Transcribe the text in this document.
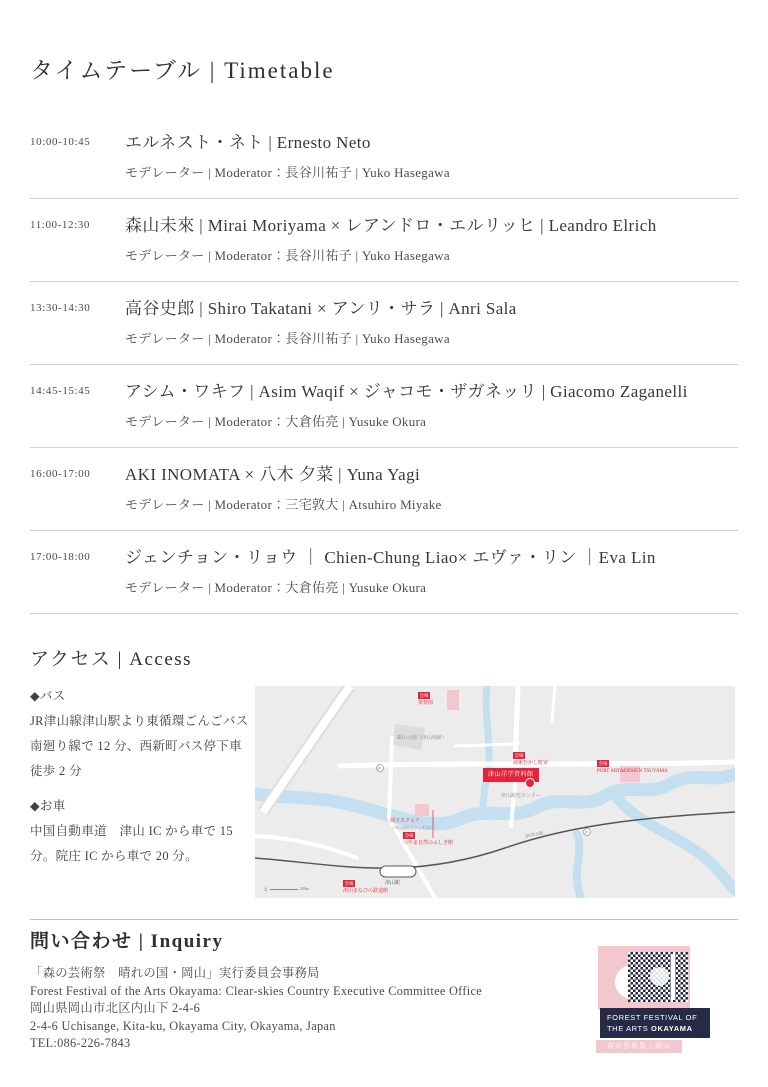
タイムテーブル | Timetable
10:00-10:45	エルネスト・ネト | Ernesto Neto
モデレーター | Moderator：長谷川祐子 | Yuko Hasegawa
11:00-12:30	森山未來 | Mirai Moriyama × レアンドロ・エルリッヒ | Leandro Elrich
モデレーター | Moderator：長谷川祐子 | Yuko Hasegawa
13:30-14:30	高谷史郎 | Shiro Takatani × アンリ・サラ | Anri Sala
モデレーター | Moderator：長谷川祐子 | Yuko Hasegawa
14:45-15:45	アシム・ワキフ | Asim Waqif × ジャコモ・ザガネッリ | Giacomo Zaganelli
モデレーター | Moderator：大倉佑亮 | Yusuke Okura
16:00-17:00	AKI INOMATA × 八木 夕菜 | Yuna Yagi
モデレーター | Moderator：三宅敦大 | Atsuhiro Miyake
17:00-18:00	ジェンチョン・リョウ ｜ Chien-Chung Liao× エヴァ・リン ｜Eva Lin
モデレーター | Moderator：大倉佑亮 | Yusuke Okura
アクセス | Access
◆バス
JR津山線津山駅より東循環ごんごバス南廻り線で 12 分、西新町バス停下車徒歩 2 分
◆お車
中国自動車道　津山 IC から車で 15 分。院庄 IC から車で 20 分。
P
P
会場
衆楽園
会場
城東むかし町家	会場
PORT ART&DESIGN TSUYAMA
城下スクエア
（津山城東むかし町並み）
会場
つやま自然のふしぎ館
会場
津山まなびの鉄道館
鶴山公園（津山城跡）
津山観光センター
津山洋学資料館
津山駅
JR津山線
⚓	200m
問い合わせ | Inquiry
「森の芸術祭　晴れの国・岡山」実行委員会事務局
Forest Festival of the Arts Okayama: Clear-skies Country Executive Committee Office
岡山県岡山市北区内山下 2-4-6
2-4-6 Uchisange, Kita-ku, Okayama City, Okayama, Japan
TEL:086-226-7843
FOREST FESTIVAL OF
THE ARTS OKAYAMA
森の芸術祭｜岡山
